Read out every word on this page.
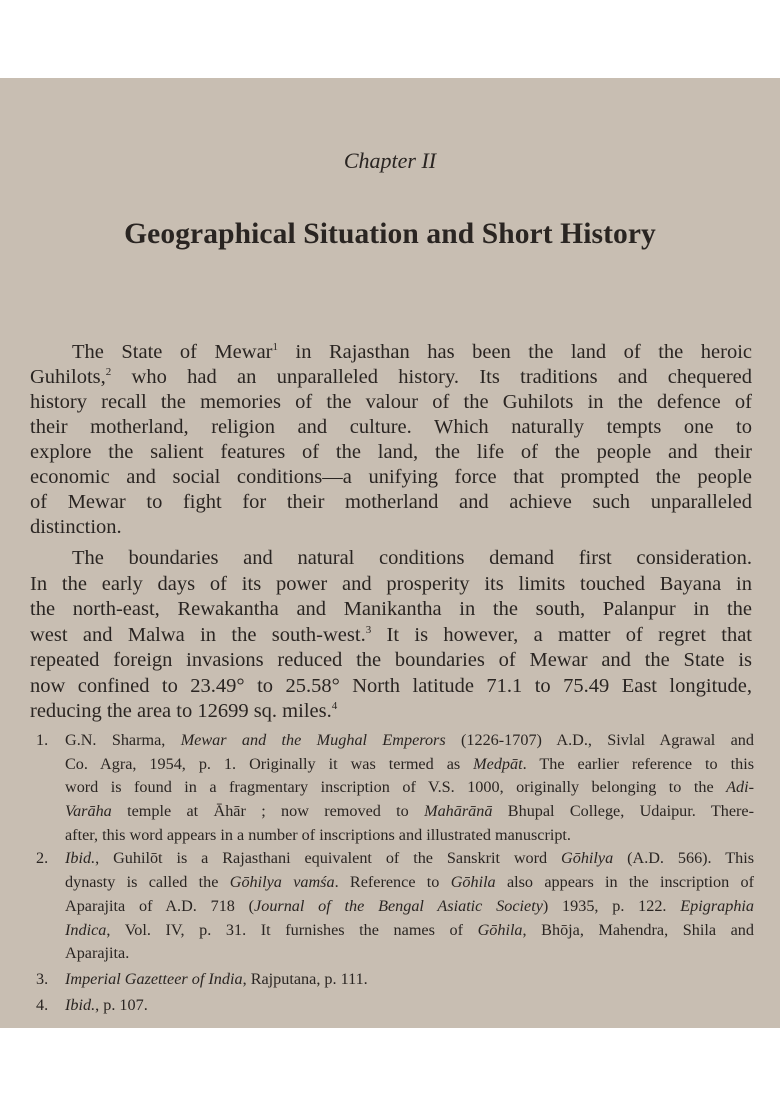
Chapter II
Geographical Situation and Short History
The State of Mewar$^1$ in Rajasthan has been the land of the heroic
Guhilots,$^2$ who had an unparalleled history. Its traditions and chequered
history recall the memories of the valour of the Guhilots in the defence of
their motherland, religion and culture. Which naturally tempts one to
explore the salient features of the land, the life of the people and their
economic and social conditions—a unifying force that prompted the people
of Mewar to fight for their motherland and achieve such unparalleled
distinction.
The boundaries and natural conditions demand first consideration.
In the early days of its power and prosperity its limits touched Bayana in
the north-east, Rewakantha and Manikantha in the south, Palanpur in the
west and Malwa in the south-west.$^3$ It is however, a matter of regret that
repeated foreign invasions reduced the boundaries of Mewar and the State is
now confined to 23.49° to 25.58° North latitude 71.1 to 75.49 East longitude,
reducing the area to 12699 sq. miles.$^4$
1. G.N. Sharma, Mewar and the Mughal Emperors (1226-1707) A.D., Sivlal Agrawal and
Co. Agra, 1954, p. 1. Originally it was termed as Medpāt. The earlier reference to this
word is found in a fragmentary inscription of V.S. 1000, originally belonging to the Adi-
Varāha temple at Āhār ; now removed to Mahārānā Bhupal College, Udaipur. There-
after, this word appears in a number of inscriptions and illustrated manuscript.
2. Ibid., Guhilōt is a Rajasthani equivalent of the Sanskrit word Gōhilya (A.D. 566). This
dynasty is called the Gōhilya vamśa. Reference to Gōhila also appears in the inscription of
Aparajita of A.D. 718 (Journal of the Bengal Asiatic Society) 1935, p. 122. Epigraphia
Indica, Vol. IV, p. 31. It furnishes the names of Gōhila, Bhōja, Mahendra, Shila and
Aparajita.
3. Imperial Gazetteer of India, Rajputana, p. 111.
4. Ibid., p. 107.
